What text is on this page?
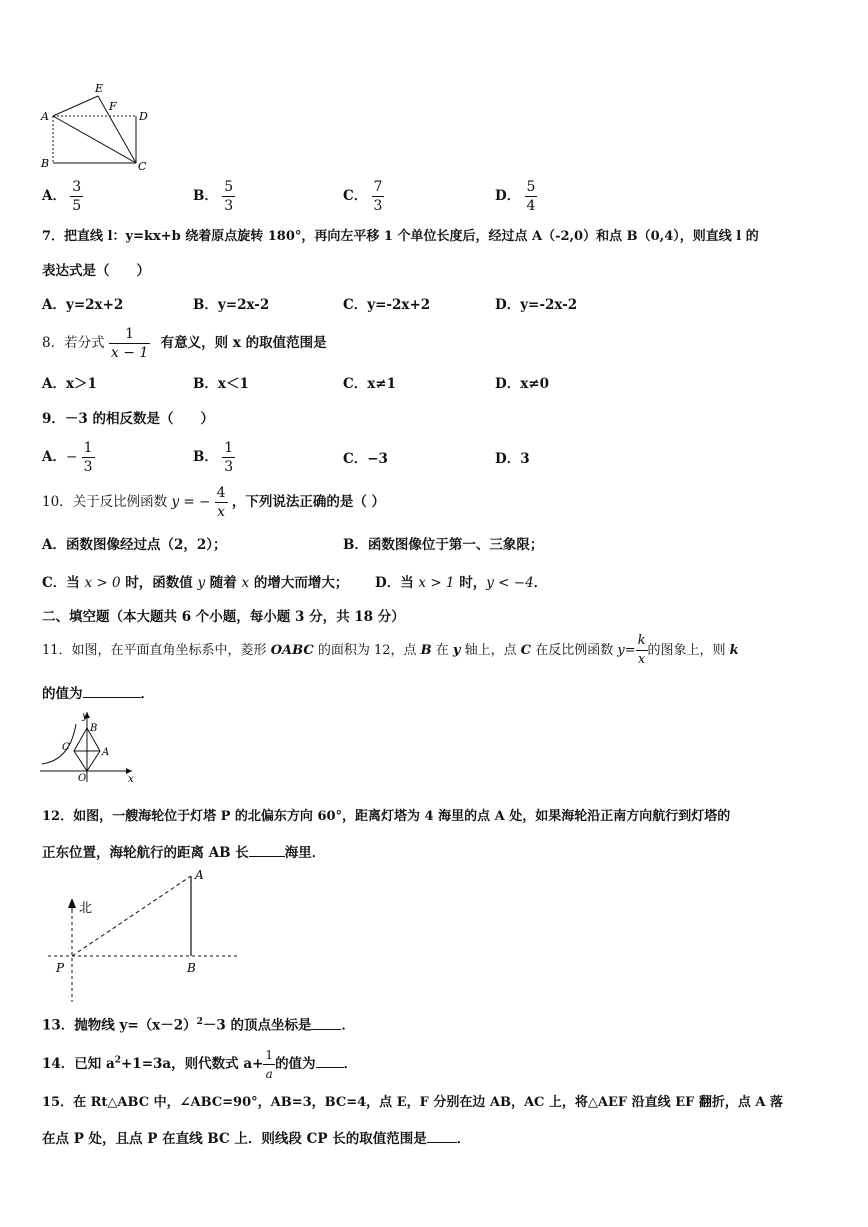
A
B	C
D
E
F
A． $\frac{3}{5}$	B． $\frac{5}{3}$	C． $\frac{7}{3}$	D． $\frac{5}{4}$
7．把直线 l：y=kx+b 绕着原点旋转 180°，再向左平移 1 个单位长度后，经过点 A（-2,0）和点 B（0,4），则直线 l 的
表达式是（　　）
A．y=2x+2	B．y=2x-2	C．y=-2x+2	D．y=-2x-2
8．若分式 $\frac{1}{x - 1}$ 有意义，则 x 的取值范围是
A．x＞1	B．x＜1	C．x≠1	D．x≠0
9．－3 的相反数是（　　）
A．− $\frac{1}{3}$	B． $\frac{1}{3}$	C．−3	D．3
10．关于反比例函数 y = − $\frac{4}{x}$ ，下列说法正确的是（ ）
A．函数图像经过点（2，2）；	B．函数图像位于第一、三象限；
C．当 x > 0 时，函数值 y 随着 x 的增大而增大； D．当 x > 1 时，y < −4．
二、填空题（本大题共 6 个小题，每小题 3 分，共 18 分）
11．如图，在平面直角坐标系中，菱形 OABC 的面积为 12，点 B 在 y 轴上，点 C 在反比例函数 $y= \frac{k}{x}$ 的图象上，则 k
的值为	．
y
x
O
A
B
C
12．如图，一艘海轮位于灯塔 P 的北偏东方向 60°，距离灯塔为 4 海里的点 A 处，如果海轮沿正南方向航行到灯塔的
正东位置，海轮航行的距离 AB 长	海里．
北
P
A
B
13．抛物线 $y=(x-2)^2-3$ 的顶点坐标是 ．
14．已知 $a^2+1=3a$，则代数式 $a+ \frac{1}{a}$ 的值为 ．
15．在 Rt△ABC 中，∠ABC=90°，AB=3，BC=4，点 E，F 分别在边 AB，AC 上，将△AEF 沿直线 EF 翻折，点 A 落
在点 P 处，且点 P 在直线 BC 上．则线段 CP 长的取值范围是 ．
